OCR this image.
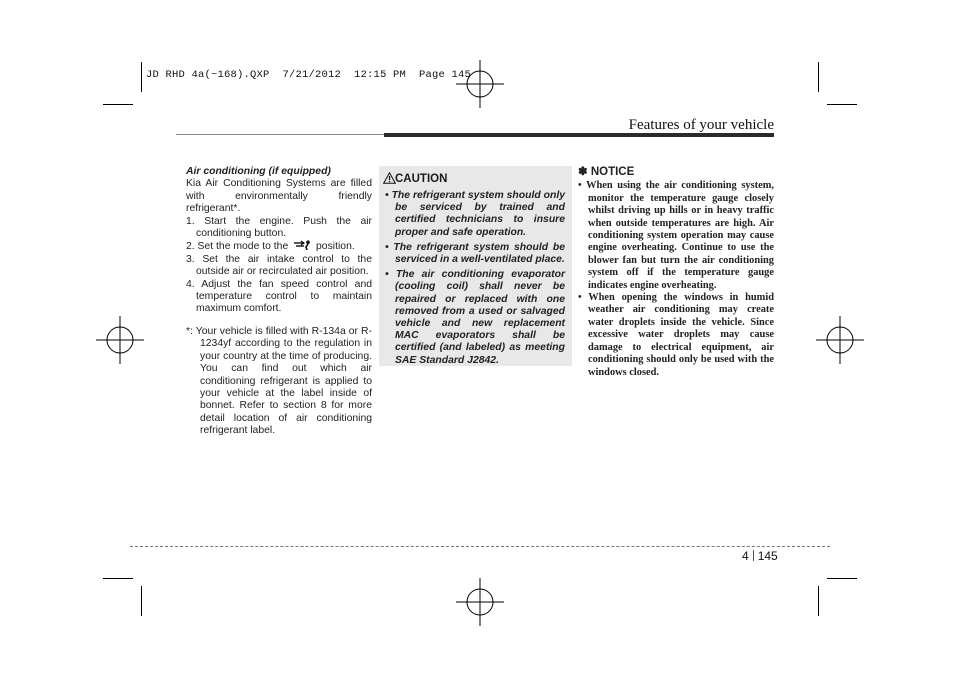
JD RHD 4a(~168).QXP  7/21/2012  12:15 PM  Page 145
Features of your vehicle

Air conditioning (if equipped)

Kia Air Conditioning Systems are filled with environmentally friendly refrigerant*.

1. Start the engine. Push the air conditioning button.
2. Set the mode to the	position.
3. Set the air intake control to the outside air or recirculated air position.
4. Adjust the fan speed control and temperature control to maintain maximum comfort.

*: Your vehicle is filled with R-134a or R-1234yf according to the regulation in your country at the time of producing. You can find out which air conditioning refrigerant is applied to your vehicle at the label inside of bonnet. Refer to section 8 for more detail location of air conditioning refrigerant label.

CAUTION
• The refrigerant system should only be serviced by trained and certified technicians to insure proper and safe operation.
• The refrigerant system should be serviced in a well-ventilated place.
• The air conditioning evaporator (cooling coil) shall never be repaired or replaced with one removed from a used or salvaged vehicle and new replacement MAC evaporators shall be certified (and labeled) as meeting SAE Standard J2842.
✽ NOTICE
• When using the air conditioning system, monitor the temperature gauge closely whilst driving up hills or in heavy traffic when outside temperatures are high. Air conditioning system operation may cause engine overheating. Continue to use the blower fan but turn the air conditioning system off if the temperature gauge indicates engine overheating.
• When opening the windows in humid weather air conditioning may create water droplets inside the vehicle. Since excessive water droplets may cause damage to electrical equipment, air conditioning should only be used with the windows closed.
4 145
